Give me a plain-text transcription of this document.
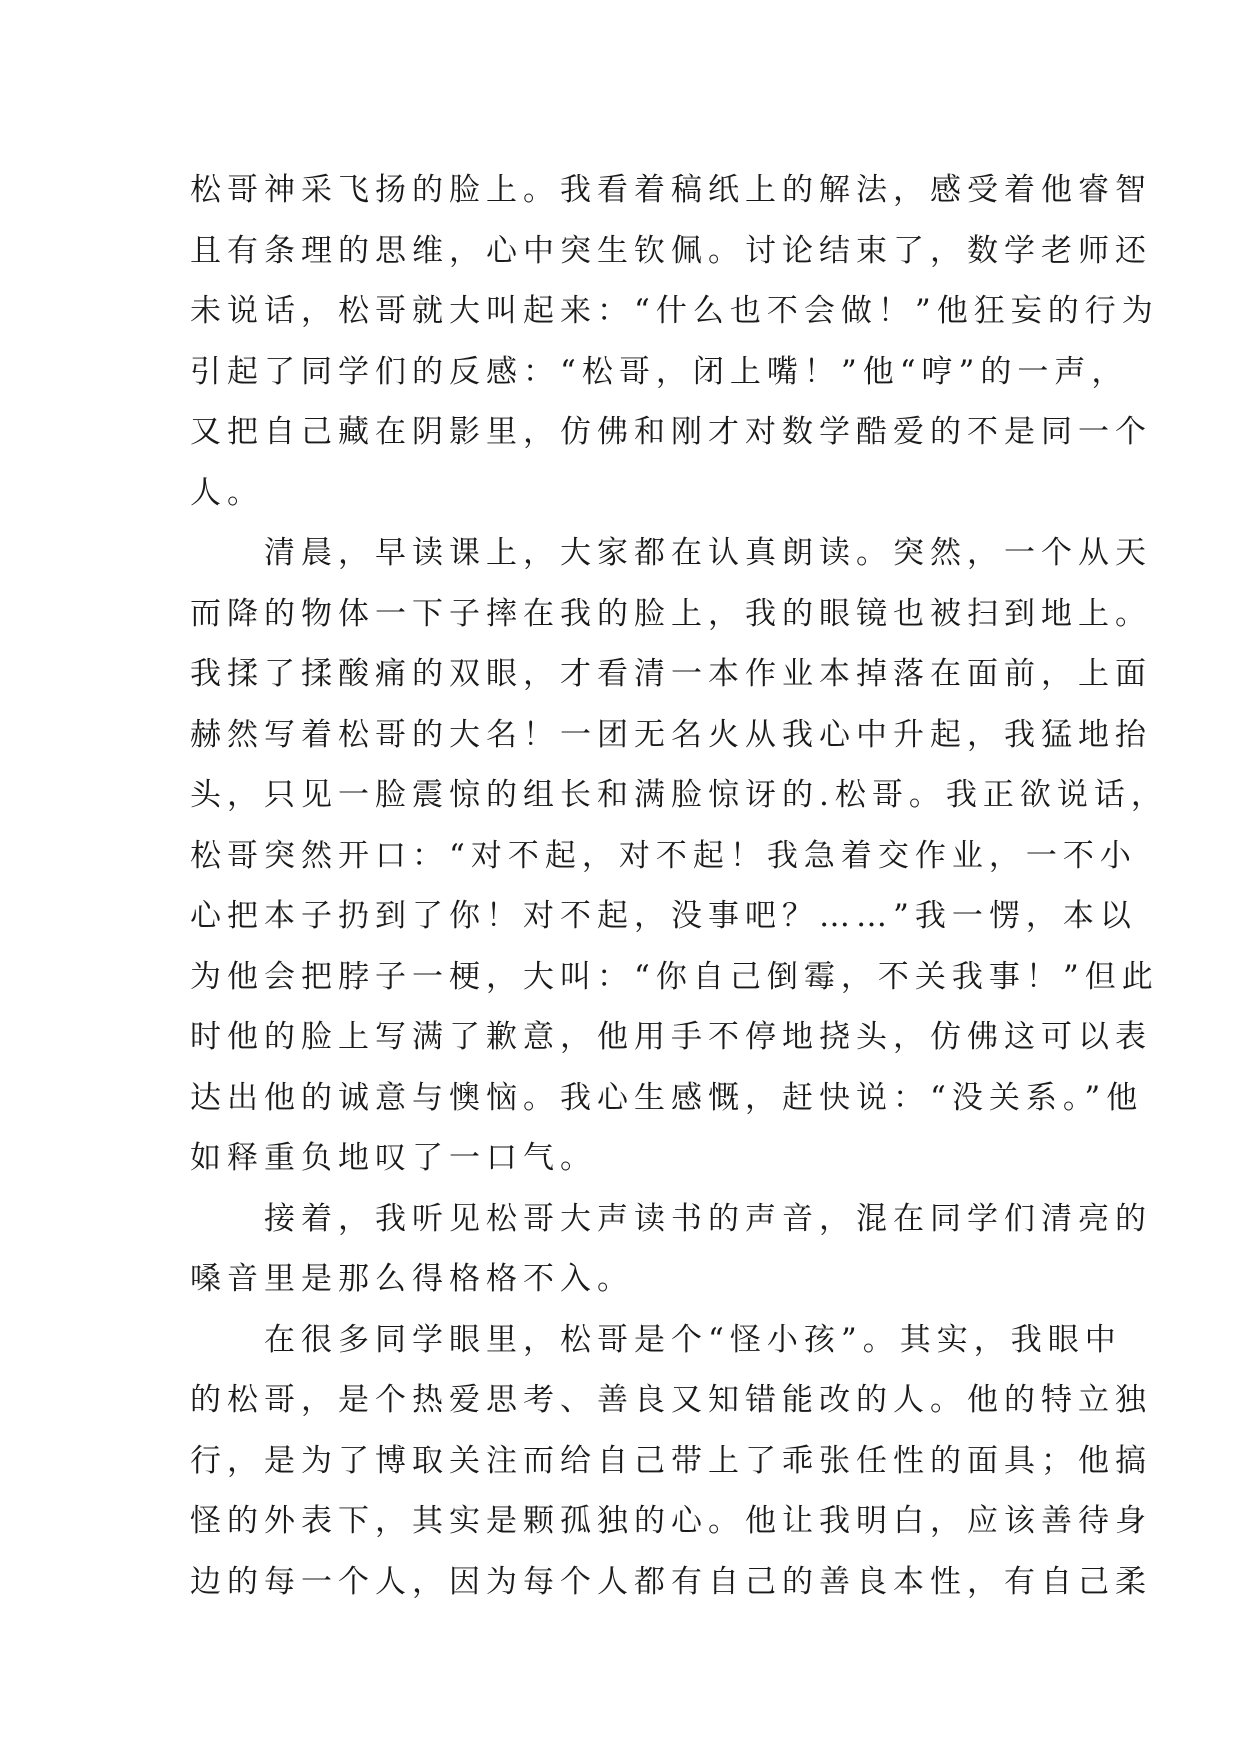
松哥神采飞扬的脸上。我看着稿纸上的解法，感受着他睿智
且有条理的思维，心中突生钦佩。讨论结束了，数学老师还
未说话，松哥就大叫起来：“什么也不会做！”他狂妄的行为
引起了同学们的反感：“松哥，闭上嘴！”他“哼”的一声，
又把自己藏在阴影里，仿佛和刚才对数学酷爱的不是同一个
人。
　　清晨，早读课上，大家都在认真朗读。突然，一个从天
而降的物体一下子摔在我的脸上，我的眼镜也被扫到地上。
我揉了揉酸痛的双眼，才看清一本作业本掉落在面前，上面
赫然写着松哥的大名！一团无名火从我心中升起，我猛地抬
头，只见一脸震惊的组长和满脸惊讶的.松哥。我正欲说话，
松哥突然开口：“对不起，对不起！我急着交作业，一不小
心把本子扔到了你！对不起，没事吧？……”我一愣，本以
为他会把脖子一梗，大叫：“你自己倒霉，不关我事！”但此
时他的脸上写满了歉意，他用手不停地挠头，仿佛这可以表
达出他的诚意与懊恼。我心生感慨，赶快说：“没关系。”他
如释重负地叹了一口气。
　　接着，我听见松哥大声读书的声音，混在同学们清亮的
嗓音里是那么得格格不入。
　　在很多同学眼里，松哥是个“怪小孩”。其实，我眼中
的松哥，是个热爱思考、善良又知错能改的人。他的特立独
行，是为了博取关注而给自己带上了乖张任性的面具；他搞
怪的外表下，其实是颗孤独的心。他让我明白，应该善待身
边的每一个人，因为每个人都有自己的善良本性，有自己柔
